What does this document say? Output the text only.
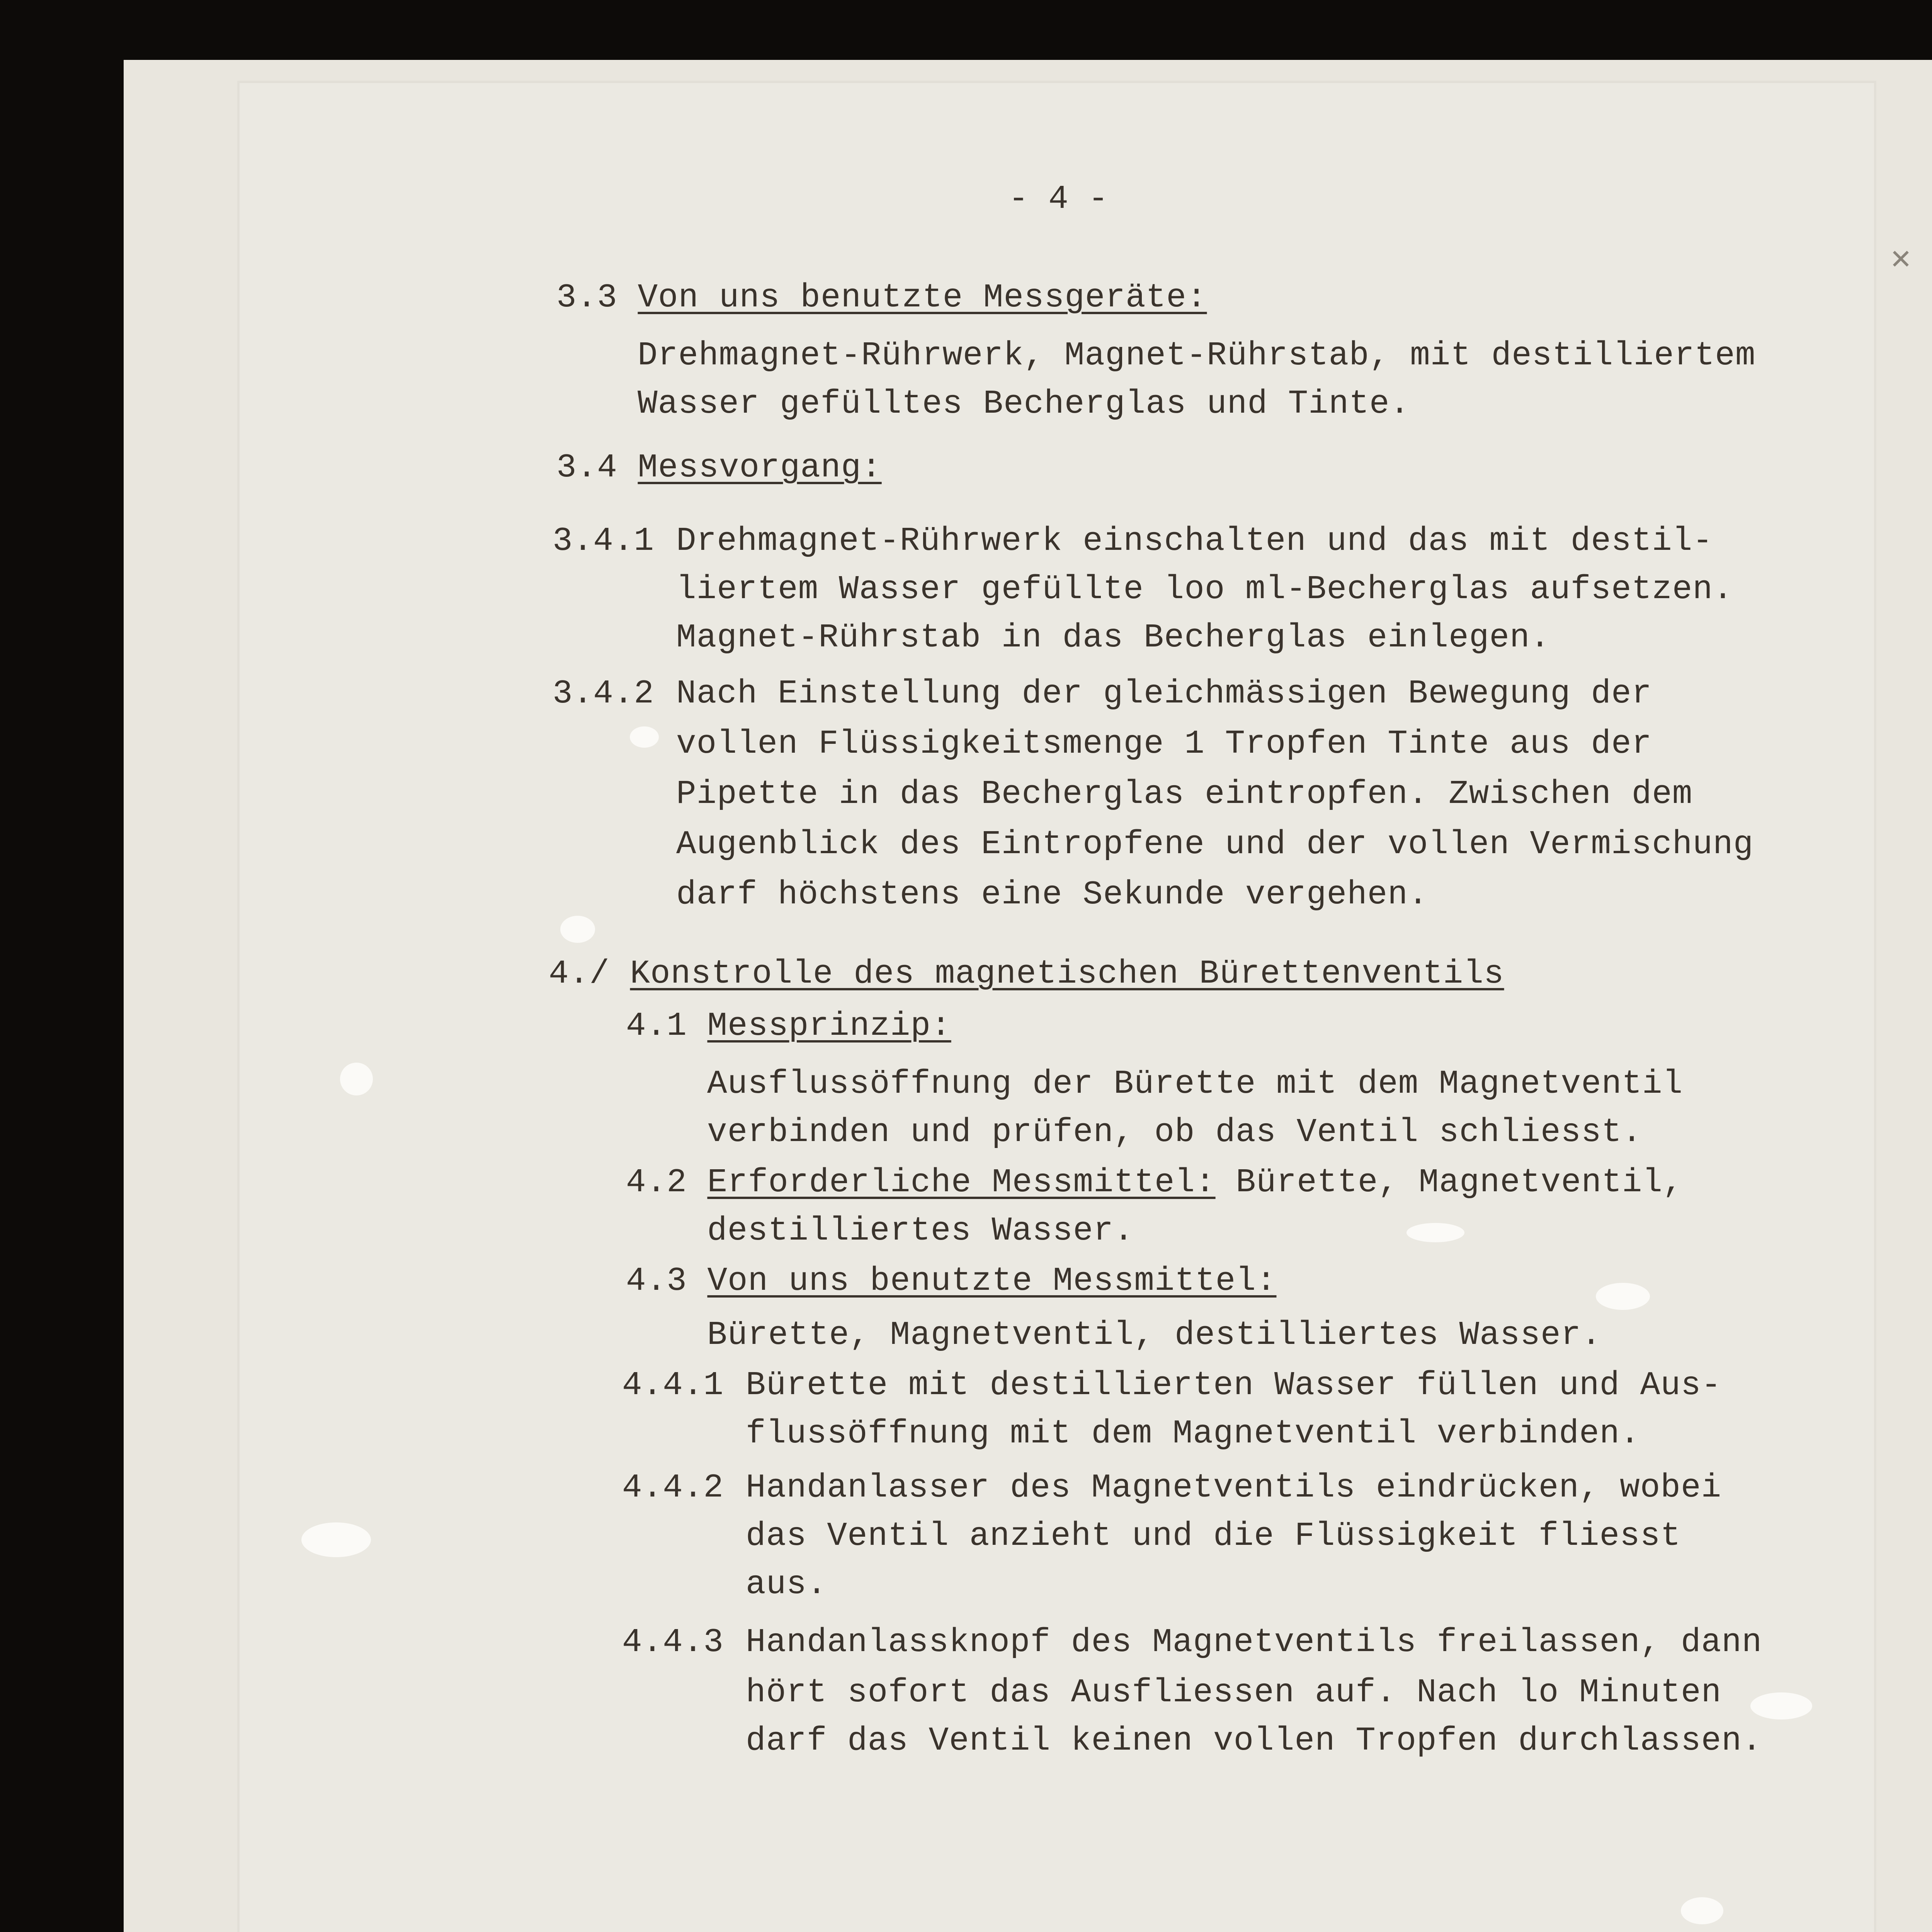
- 4 -
3.3 Von uns benutzte Messgeräte:
Drehmagnet-Rührwerk, Magnet-Rührstab, mit destilliertem
Wasser gefülltes Becherglas und Tinte.
3.4 Messvorgang:
3.4.1 Drehmagnet-Rührwerk einschalten und das mit destil-
liertem Wasser gefüllte loo ml-Becherglas aufsetzen.
Magnet-Rührstab in das Becherglas einlegen.
3.4.2 Nach Einstellung der gleichmässigen Bewegung der
vollen Flüssigkeitsmenge 1 Tropfen Tinte aus der
Pipette in das Becherglas eintropfen. Zwischen dem
Augenblick des Eintropfene und der vollen Vermischung
darf höchstens eine Sekunde vergehen.
4./ Konstrolle des magnetischen Bürettenventils
4.1 Messprinzip:
Ausflussöffnung der Bürette mit dem Magnetventil
verbinden und prüfen, ob das Ventil schliesst.
4.2 Erforderliche Messmittel: Bürette, Magnetventil,
destilliertes Wasser.
4.3 Von uns benutzte Messmittel:
Bürette, Magnetventil, destilliertes Wasser.
4.4.1 Bürette mit destillierten Wasser füllen und Aus-
flussöffnung mit dem Magnetventil verbinden.
4.4.2 Handanlasser des Magnetventils eindrücken, wobei
das Ventil anzieht und die Flüssigkeit fliesst
aus.
4.4.3 Handanlassknopf des Magnetventils freilassen, dann
hört sofort das Ausfliessen auf. Nach lo Minuten
darf das Ventil keinen vollen Tropfen durchlassen.
✕
